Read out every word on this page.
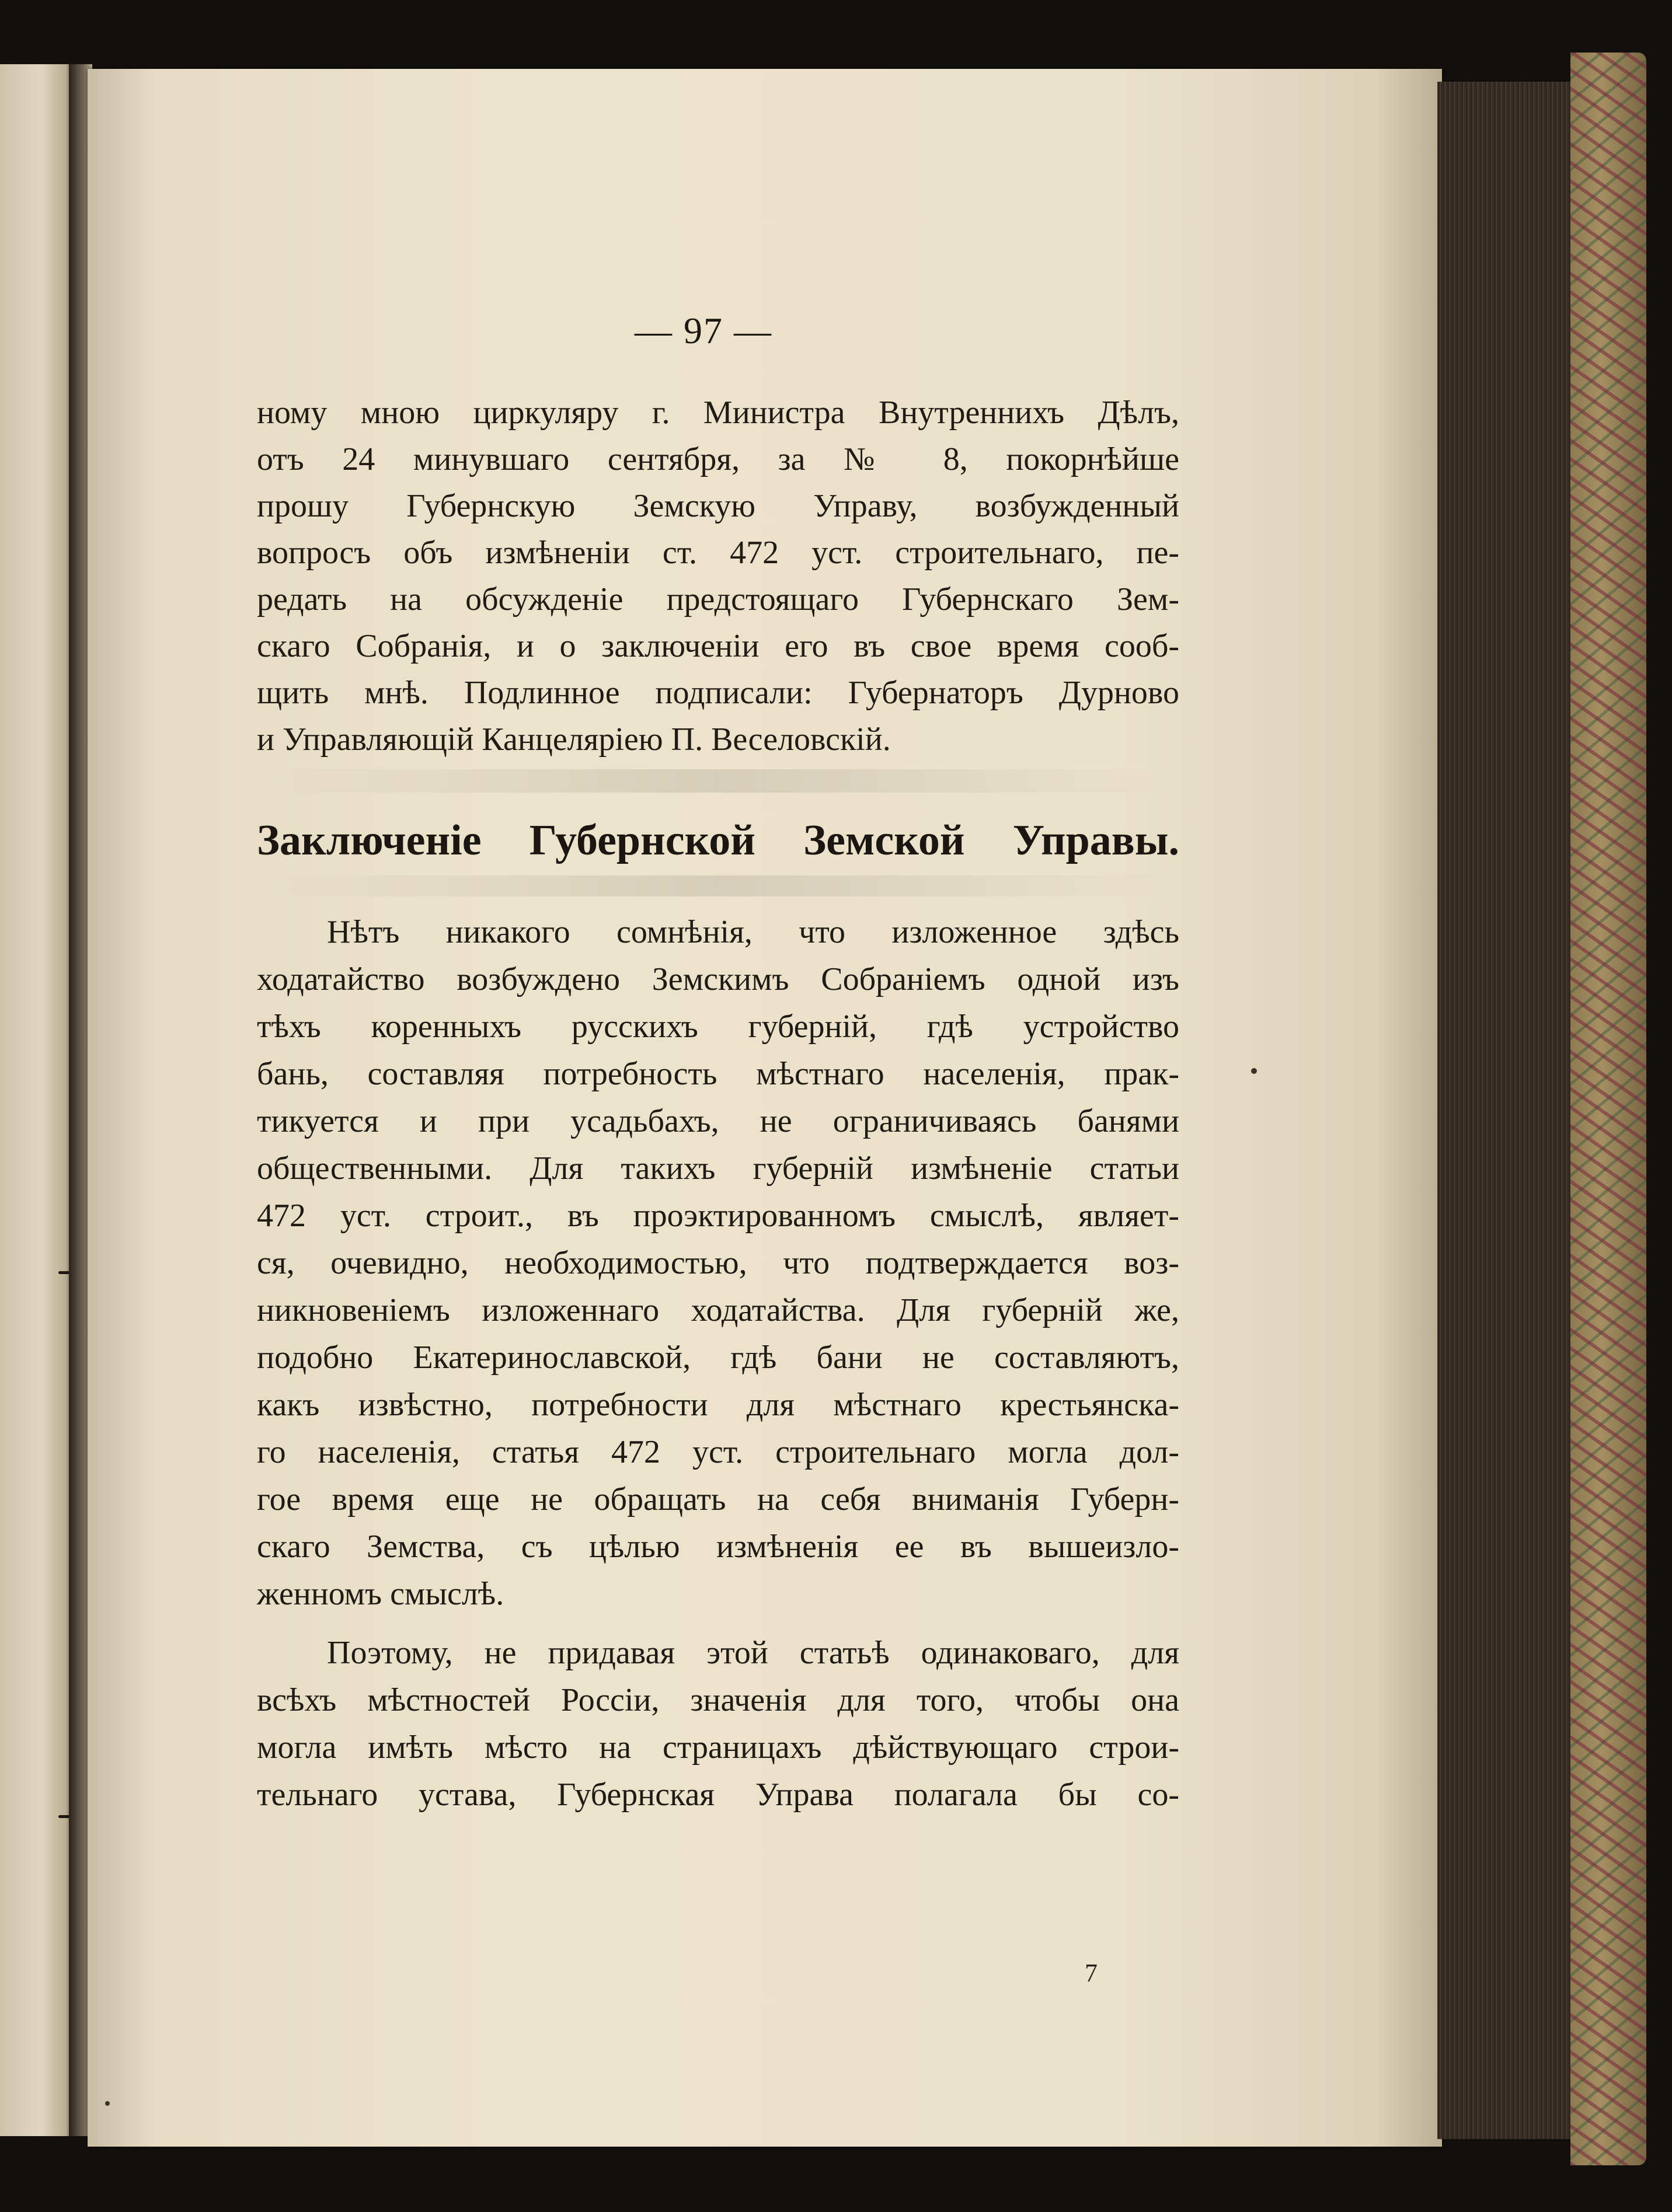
— 97 —
ному мною циркуляру г. Министра Внутреннихъ Дѣлъ,
отъ 24 минувшаго сентября, за № 8, покорнѣйше
прошу Губернскую Земскую Управу, возбужденный
вопросъ объ измѣненіи ст. 472 уст. строительнаго, пе-
редать на обсужденіе предстоящаго Губернскаго Зем-
скаго Собранія, и о заключеніи его въ свое время сооб-
щить мнѣ. Подлинное подписали: Губернаторъ Дурново
и Управляющій Канцеляріею П. Веселовскій.
Заключеніе Губернской Земской Управы.
Нѣтъ никакого сомнѣнія, что изложенное здѣсь
ходатайство возбуждено Земскимъ Собраніемъ одной изъ
тѣхъ коренныхъ русскихъ губерній, гдѣ устройство
бань, составляя потребность мѣстнаго населенія, прак-
тикуется и при усадьбахъ, не ограничиваясь банями
общественными. Для такихъ губерній измѣненіе статьи
472 уст. строит., въ проэктированномъ смыслѣ, являет-
ся, очевидно, необходимостью, что подтверждается воз-
никновеніемъ изложеннаго ходатайства. Для губерній же,
подобно Екатеринославской, гдѣ бани не составляютъ,
какъ извѣстно, потребности для мѣстнаго крестьянска-
го населенія, статья 472 уст. строительнаго могла дол-
гое время еще не обращать на себя вниманія Губерн-
скаго Земства, съ цѣлью измѣненія ее въ вышеизло-
женномъ смыслѣ.
Поэтому, не придавая этой статьѣ одинаковаго, для
всѣхъ мѣстностей Россіи, значенія для того, чтобы она
могла имѣть мѣсто на страницахъ дѣйствующаго строи-
тельнаго устава, Губернская Управа полагала бы со-
7
